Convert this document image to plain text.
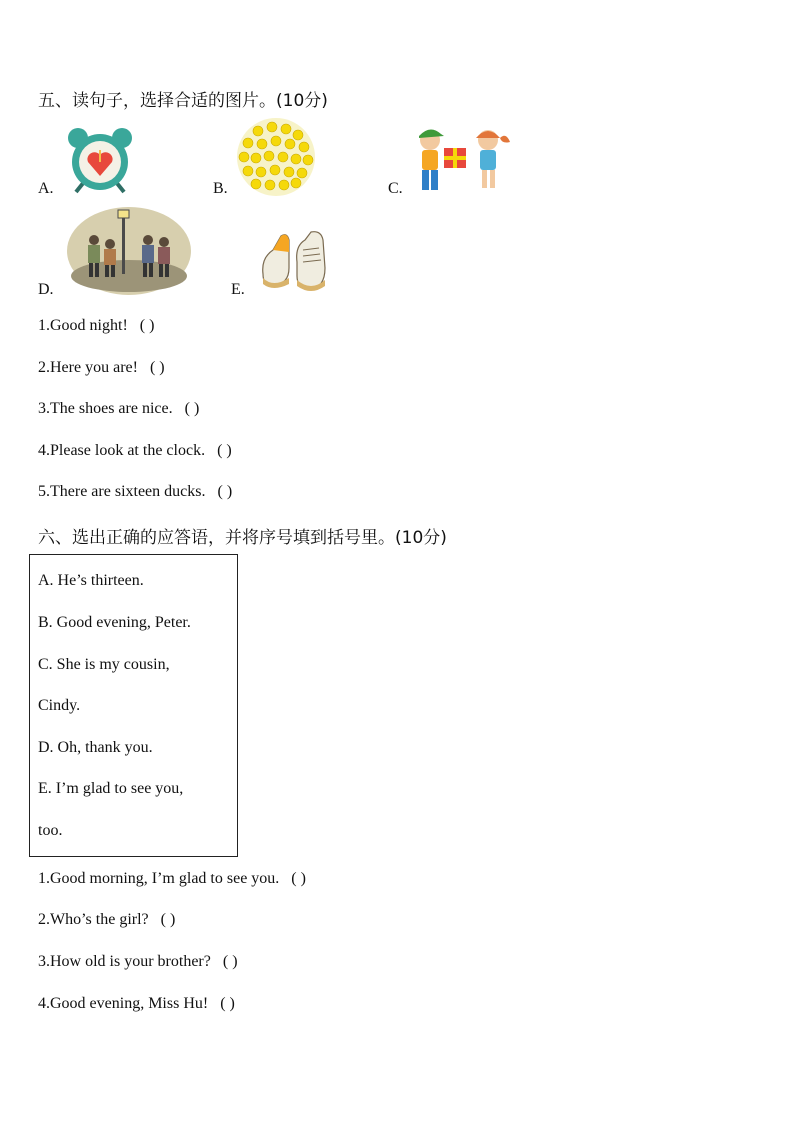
五、读句子，选择合适的图片。(10分)
A.	B.	C.
D.	E.
1.Good night! ( )
2.Here you are! ( )
3.The shoes are nice. ( )
4.Please look at the clock. ( )
5.There are sixteen ducks. ( )
六、选出正确的应答语，并将序号填到括号里。(10分)
A. He’s thirteen.
B. Good evening, Peter.
C. She is my cousin,
Cindy.
D. Oh, thank you.
E. I’m glad to see you,
too.
1.Good morning, I’m glad to see you. ( )
2.Who’s the girl? ( )
3.How old is your brother? ( )
4.Good evening, Miss Hu! ( )
